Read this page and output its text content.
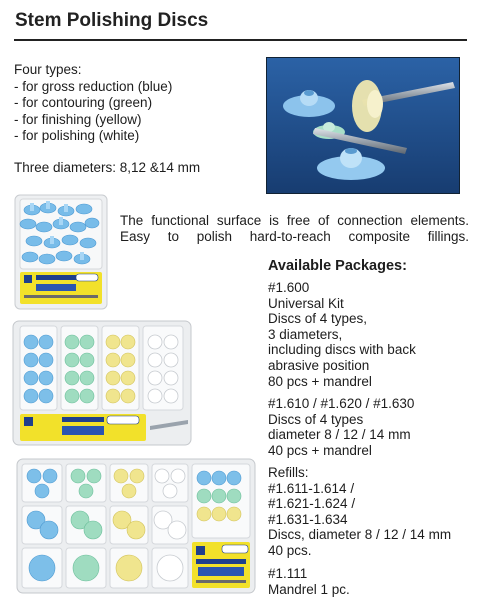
Stem Polishing Discs
Four types:
- for gross reduction (blue)
- for contouring (green)
- for finishing (yellow)
- for polishing (white)
Three diameters: 8,12 &14 mm
The functional surface is free of connection elements.
Easy to polish hard-to-reach composite fillings.
Available Packages:
#1.600
Universal Kit
Discs of 4 types,
3 diameters,
including discs with back
abrasive position
80 pcs + mandrel
#1.610 / #1.620 / #1.630
Discs of 4 types
diameter 8 / 12 / 14 mm
40 pcs + mandrel
Refills:
#1.611-1.614 /
#1.621-1.624 /
#1.631-1.634
Discs, diameter 8 / 12 / 14 mm
40 pcs.
#1.111
Mandrel 1 pc.
